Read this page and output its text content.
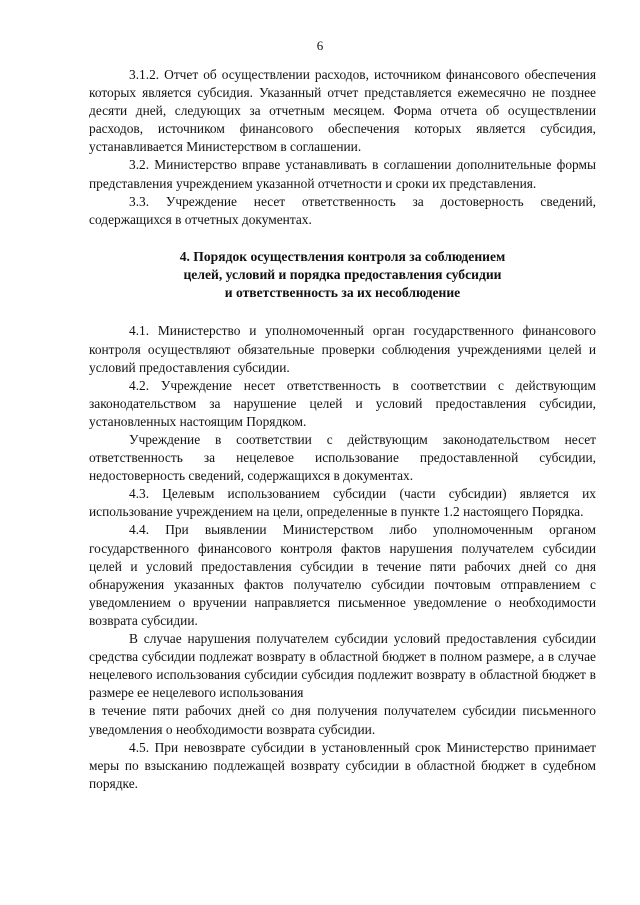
6

3.1.2. Отчет об осуществлении расходов, источником финансового обеспечения которых является субсидия. Указанный отчет представляется ежемесячно не позднее десяти дней, следующих за отчетным месяцем. Форма отчета об осуществлении расходов, источником финансового обеспечения которых является субсидия, устанавливается Министерством в соглашении.

3.2. Министерство вправе устанавливать в соглашении дополнительные формы представления учреждением указанной отчетности и сроки их представления.

3.3. Учреждение несет ответственность за достоверность сведений, содержащихся в отчетных документах.

4. Порядок осуществления контроля за соблюдением
целей, условий и порядка предоставления субсидии
и ответственность за их несоблюдение

4.1. Министерство и уполномоченный орган государственного финансового контроля осуществляют обязательные проверки соблюдения учреждениями целей и условий предоставления субсидии.

4.2. Учреждение несет ответственность в соответствии с действующим законодательством за нарушение целей и условий предоставления субсидии, установленных настоящим Порядком.

Учреждение в соответствии с действующим законодательством несет ответственность за нецелевое использование предоставленной субсидии, недостоверность сведений, содержащихся в документах.

4.3. Целевым использованием субсидии (части субсидии) является их использование учреждением на цели, определенные в пункте 1.2 настоящего Порядка.

4.4. При выявлении Министерством либо уполномоченным органом государственного финансового контроля фактов нарушения получателем субсидии целей и условий предоставления субсидии в течение пяти рабочих дней со дня обнаружения указанных фактов получателю субсидии почтовым отправлением с уведомлением о вручении направляется письменное уведомление о необходимости возврата субсидии.

В случае нарушения получателем субсидии условий предоставления субсидии средства субсидии подлежат возврату в областной бюджет в полном размере, а в случае нецелевого использования субсидии субсидия подлежит возврату в областной бюджет в размере ее нецелевого использования

в течение пяти рабочих дней со дня получения получателем субсидии письменного уведомления о необходимости возврата субсидии.

4.5. При невозврате субсидии в установленный срок Министерство принимает меры по взысканию подлежащей возврату субсидии в областной бюджет в судебном порядке.
